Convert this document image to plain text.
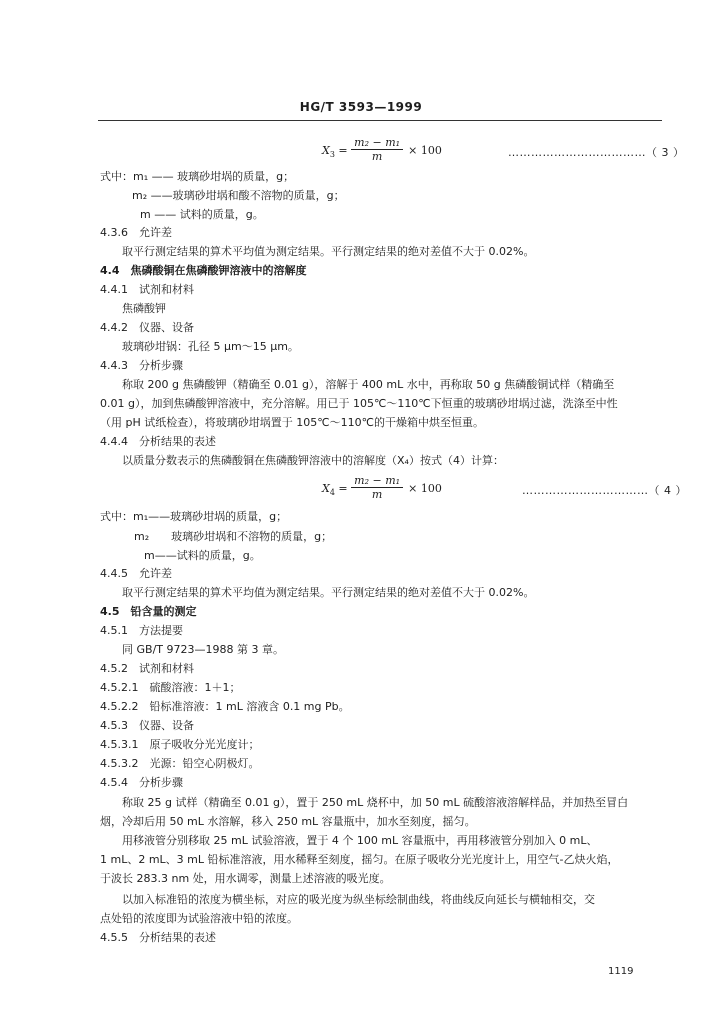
HG/T 3593—1999
$X_3 = \frac{\text{m₂ − m₁}}{m} \times 100$	………………………………（ 3 ）
式中：m₁ —— 玻璃砂坩埚的质量，g；
m₂ ——玻璃砂坩埚和酸不溶物的质量，g；
m —— 试料的质量，g。
4.3.6　允许差
取平行测定结果的算术平均值为测定结果。平行测定结果的绝对差值不大于 0.02%。
4.4　焦磷酸铜在焦磷酸钾溶液中的溶解度
4.4.1　试剂和材料
焦磷酸钾
4.4.2　仪器、设备
玻璃砂坩锅：孔径 5 μm～15 μm。
4.4.3　分析步骤
称取 200 g 焦磷酸钾（精确至 0.01 g），溶解于 400 mL 水中，再称取 50 g 焦磷酸铜试样（精确至
0.01 g），加到焦磷酸钾溶液中，充分溶解。用已于 105℃～110℃下恒重的玻璃砂坩埚过滤，洗涤至中性
（用 pH 试纸检查），将玻璃砂坩埚置于 105℃～110℃的干燥箱中烘至恒重。
4.4.4　分析结果的表述
以质量分数表示的焦磷酸铜在焦磷酸钾溶液中的溶解度（X₄）按式（4）计算：
$X_4 = \frac{\text{m₂ − m₁}}{m} \times 100$	……………………………（ 4 ）
式中：m₁——玻璃砂坩埚的质量，g；
m₂　　玻璃砂坩埚和不溶物的质量，g；
m——试料的质量，g。
4.4.5　允许差
取平行测定结果的算术平均值为测定结果。平行测定结果的绝对差值不大于 0.02%。
4.5　铅含量的测定
4.5.1　方法提要
同 GB/T 9723—1988 第 3 章。
4.5.2　试剂和材料
4.5.2.1　硫酸溶液：1＋1；
4.5.2.2　铅标准溶液：1 mL 溶液含 0.1 mg Pb。
4.5.3　仪器、设备
4.5.3.1　原子吸收分光光度计；
4.5.3.2　光源：铅空心阴极灯。
4.5.4　分析步骤
称取 25 g 试样（精确至 0.01 g），置于 250 mL 烧杯中，加 50 mL 硫酸溶液溶解样品，并加热至冒白
烟，冷却后用 50 mL 水溶解，移入 250 mL 容量瓶中，加水至刻度，摇匀。
用移液管分别移取 25 mL 试验溶液，置于 4 个 100 mL 容量瓶中，再用移液管分别加入 0 mL、
1 mL、2 mL、3 mL 铅标准溶液，用水稀释至刻度，摇匀。在原子吸收分光光度计上，用空气-乙炔火焰，
于波长 283.3 nm 处，用水调零，测量上述溶液的吸光度。
以加入标准铅的浓度为横坐标，对应的吸光度为纵坐标绘制曲线，将曲线反向延长与横轴相交，交
点处铅的浓度即为试验溶液中铅的浓度。
4.5.5　分析结果的表述
1119
